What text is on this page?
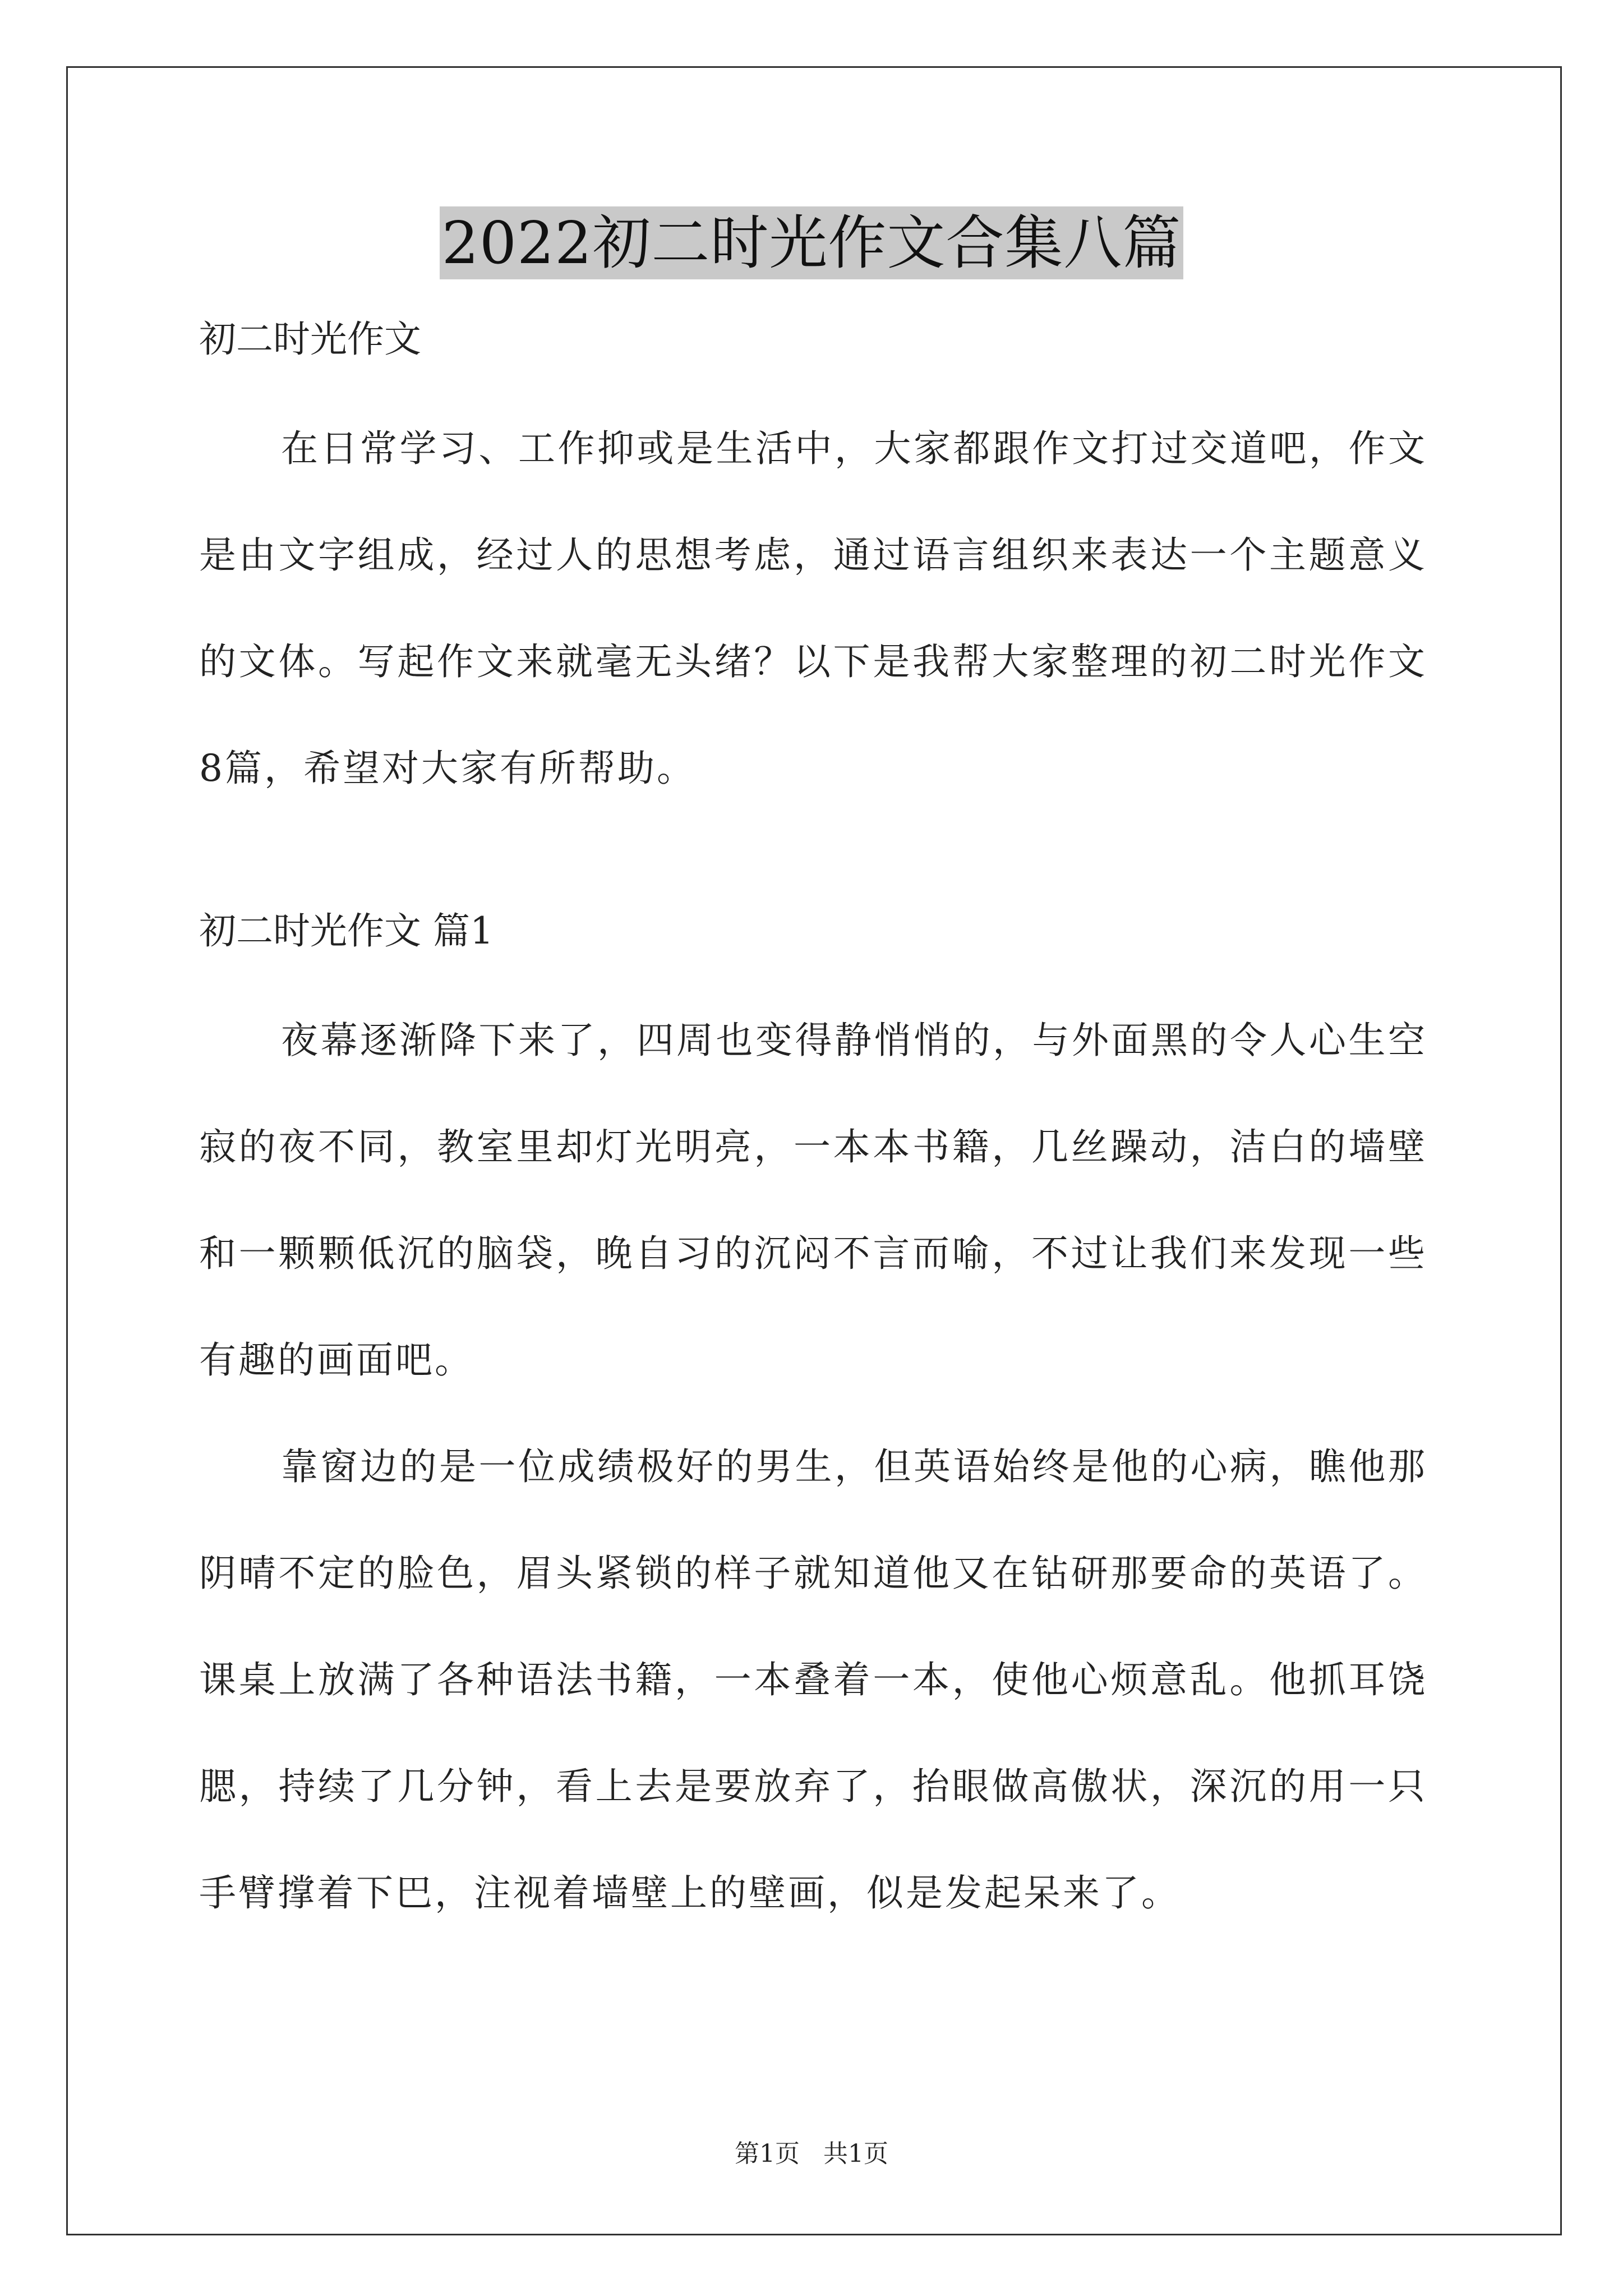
2022初二时光作文合集八篇

初二时光作文

在日常学习、工作抑或是生活中，大家都跟作文打过交道吧，作文是由文字组成，经过人的思想考虑，通过语言组织来表达一个主题意义的文体。写起作文来就毫无头绪？以下是我帮大家整理的初二时光作文8篇，希望对大家有所帮助。

初二时光作文 篇1

夜幕逐渐降下来了，四周也变得静悄悄的，与外面黑的令人心生空寂的夜不同，教室里却灯光明亮，一本本书籍，几丝躁动，洁白的墙壁和一颗颗低沉的脑袋，晚自习的沉闷不言而喻，不过让我们来发现一些有趣的画面吧。

靠窗边的是一位成绩极好的男生，但英语始终是他的心病，瞧他那阴晴不定的脸色，眉头紧锁的样子就知道他又在钻研那要命的英语了。课桌上放满了各种语法书籍，一本叠着一本，使他心烦意乱。他抓耳饶腮，持续了几分钟，看上去是要放弃了，抬眼做高傲状，深沉的用一只手臂撑着下巴，注视着墙壁上的壁画，似是发起呆来了。

第1页   共1页
